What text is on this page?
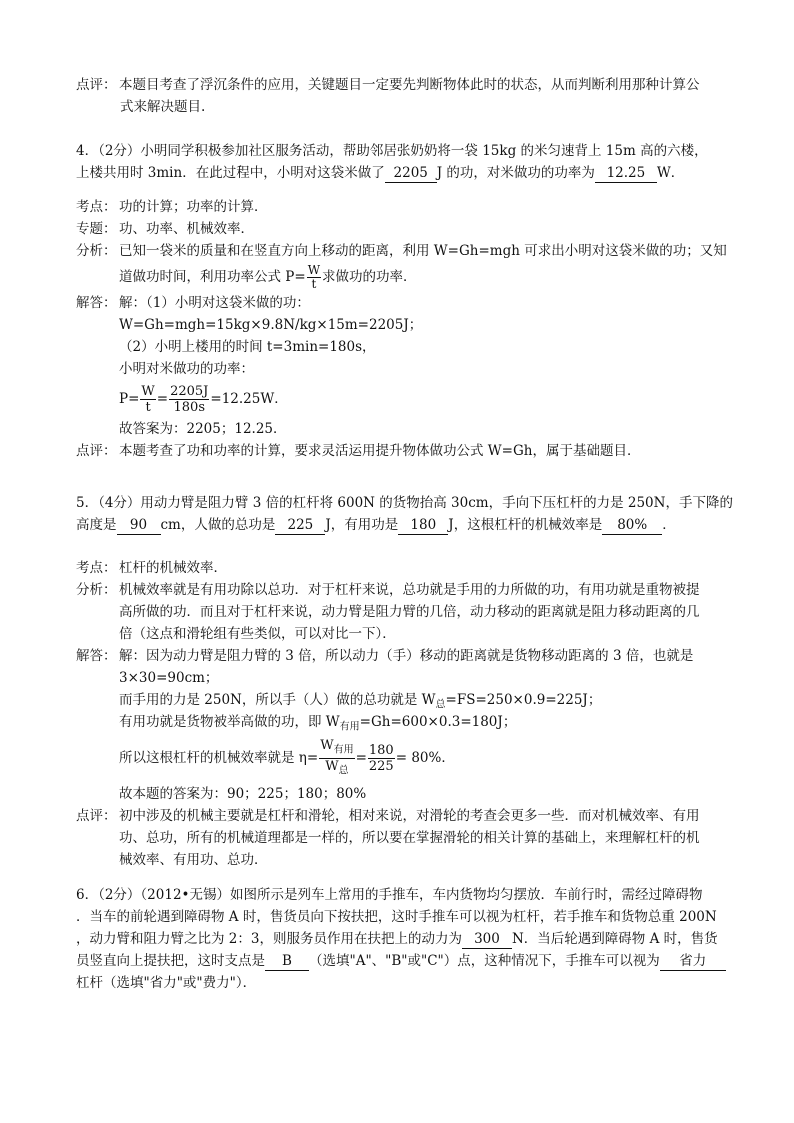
点评： 本题目考查了浮沉条件的应用，关键题目一定要先判断物体此时的状态，从而判断利用那种计算公
式来解决题目.
4．（2分）小明同学积极参加社区服务活动，帮助邻居张奶奶将一袋 15kg 的米匀速背上 15m 高的六楼，
上楼共用时 3min．在此过程中，小明对这袋米做了 2205 J 的功，对米做功的功率为 12.25 W．
考点： 功的计算；功率的计算．
专题： 功、功率、机械效率．
分析： 已知一袋米的质量和在竖直方向上移动的距离，利用 W=Gh=mgh 可求出小明对这袋米做的功；又知
道做功时间，利用功率公式 $P= \frac{W}{t}$ 求做功的功率．
解答： 解：（1）小明对这袋米做的功：
W=Gh=mgh=15kg×9.8N/kg×15m=2205J；
（2）小明上楼用的时间 t=3min=180s，
小明对米做功的功率：
$P= \frac{W}{t} = \frac{2205J}{180s} =12.25W$．
故答案为：2205；12.25．
点评： 本题考查了功和功率的计算，要求灵活运用提升物体做功公式 W=Gh，属于基础题目．
5．（4分）用动力臂是阻力臂 3 倍的杠杆将 600N 的货物抬高 30cm，手向下压杠杆的力是 250N，手下降的
高度是 90 cm，人做的总功是 225 J，有用功是 180 J，这根杠杆的机械效率是 80% ．
考点： 杠杆的机械效率．
分析： 机械效率就是有用功除以总功．对于杠杆来说，总功就是手用的力所做的功，有用功就是重物被提
高所做的功．而且对于杠杆来说，动力臂是阻力臂的几倍，动力移动的距离就是阻力移动距离的几
倍（这点和滑轮组有些类似，可以对比一下）．
解答： 解：因为动力臂是阻力臂的 3 倍，所以动力（手）移动的距离就是货物移动距离的 3 倍，也就是
3×30=90cm；
而手用的力是 250N，所以手（人）做的总功就是 $W_总=FS=250\times 0.9=225J$；
有用功就是货物被举高做的功，即 $W_{有用}=Gh=600\times 0.3=180J$；
所以这根杠杆的机械效率就是 $\eta= \frac{W_{有用}}{W_总} = \frac{180}{225} = 80\%$．
故本题的答案为：90；225；180；80%
点评： 初中涉及的机械主要就是杠杆和滑轮，相对来说，对滑轮的考查会更多一些．而对机械效率、有用
功、总功，所有的机械道理都是一样的，所以要在掌握滑轮的相关计算的基础上，来理解杠杆的机
械效率、有用功、总功．
6．（2分）（2012•无锡）如图所示是列车上常用的手推车，车内货物均匀摆放．车前行时，需经过障碍物
．当车的前轮遇到障碍物 A 时，售货员向下按扶把，这时手推车可以视为杠杆，若手推车和货物总重 200N
，动力臂和阻力臂之比为 2：3，则服务员作用在扶把上的动力为 300 N．当后轮遇到障碍物 A 时，售货
员竖直向上提扶把，这时支点是 B （选填"A"、"B"或"C"）点，这种情况下，手推车可以视为 省力
杠杆（选填"省力"或"费力"）．
